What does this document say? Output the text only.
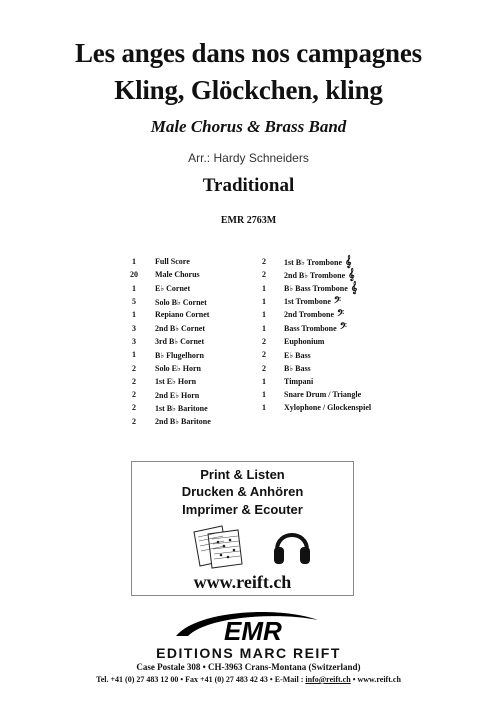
Les anges dans nos campagnes
Kling, Glöckchen, kling
Male Chorus & Brass Band
Arr.: Hardy Schneiders
Traditional
EMR 2763M
1	Full Score
20	Male Chorus
1	E♭ Cornet
5	Solo B♭ Cornet
1	Repiano Cornet
3	2nd B♭ Cornet
3	3rd B♭ Cornet
1	B♭ Flugelhorn
2	Solo E♭ Horn
2	1st E♭ Horn
2	2nd E♭ Horn
2	1st B♭ Baritone
2	2nd B♭ Baritone
2	1st B♭ Trombone 𝄞
2	2nd B♭ Trombone 𝄞
1	B♭ Bass Trombone 𝄞
1	1st Trombone 𝄢
1	2nd Trombone 𝄢
1	Bass Trombone 𝄢
2	Euphonium
2	E♭ Bass
2	B♭ Bass
1	Timpani
1	Snare Drum / Triangle
1	Xylophone / Glockenspiel
Print & Listen
Drucken & Anhören
Imprimer & Ecouter
www.reift.ch
EMR
EDITIONS MARC REIFT
Case Postale 308 • CH-3963 Crans-Montana (Switzerland)
Tel. +41 (0) 27 483 12 00 • Fax +41 (0) 27 483 42 43 • E-Mail : info@reift.ch • www.reift.ch
